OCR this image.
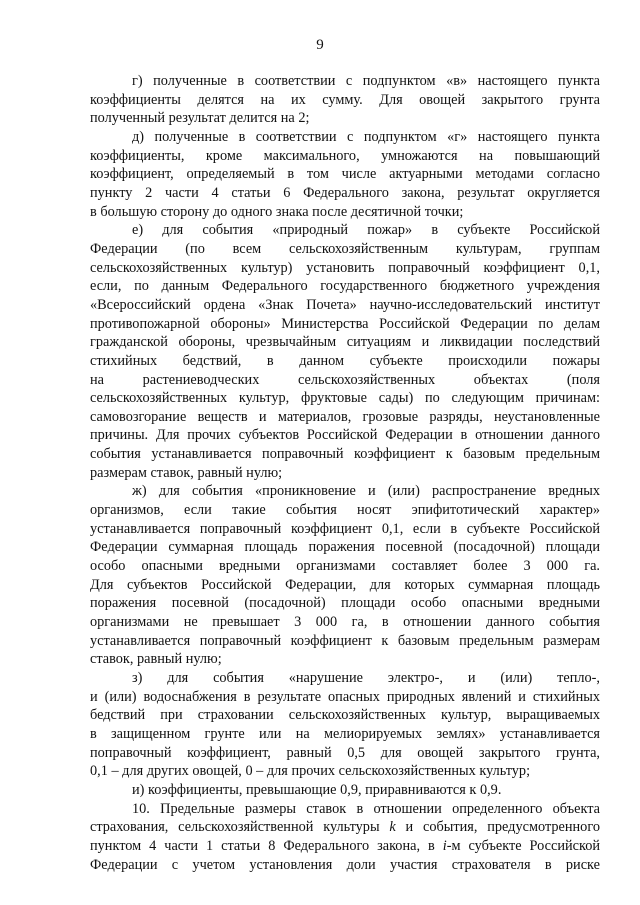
9
г) полученные в соответствии с подпунктом «в» настоящего пункта
коэффициенты делятся на их сумму. Для овощей закрытого грунта
полученный результат делится на 2;
д) полученные в соответствии с подпунктом «г» настоящего пункта
коэффициенты, кроме максимального, умножаются на повышающий
коэффициент, определяемый в том числе актуарными методами согласно
пункту 2 части 4 статьи 6 Федерального закона, результат округляется
в большую сторону до одного знака после десятичной точки;
е) для события «природный пожар» в субъекте Российской
Федерации (по всем сельскохозяйственным культурам, группам
сельскохозяйственных культур) установить поправочный коэффициент 0,1,
если, по данным Федерального государственного бюджетного учреждения
«Всероссийский ордена «Знак Почета» научно-исследовательский институт
противопожарной обороны» Министерства Российской Федерации по делам
гражданской обороны, чрезвычайным ситуациям и ликвидации последствий
стихийных бедствий, в данном субъекте происходили пожары
на растениеводческих сельскохозяйственных объектах (поля
сельскохозяйственных культур, фруктовые сады) по следующим причинам:
самовозгорание веществ и материалов, грозовые разряды, неустановленные
причины. Для прочих субъектов Российской Федерации в отношении данного
события устанавливается поправочный коэффициент к базовым предельным
размерам ставок, равный нулю;
ж) для события «проникновение и (или) распространение вредных
организмов, если такие события носят эпифитотический характер»
устанавливается поправочный коэффициент 0,1, если в субъекте Российской
Федерации суммарная площадь поражения посевной (посадочной) площади
особо опасными вредными организмами составляет более 3 000 га.
Для субъектов Российской Федерации, для которых суммарная площадь
поражения посевной (посадочной) площади особо опасными вредными
организмами не превышает 3 000 га, в отношении данного события
устанавливается поправочный коэффициент к базовым предельным размерам
ставок, равный нулю;
з) для события «нарушение электро-, и (или) тепло-,
и (или) водоснабжения в результате опасных природных явлений и стихийных
бедствий при страховании сельскохозяйственных культур, выращиваемых
в защищенном грунте или на мелиорируемых землях» устанавливается
поправочный коэффициент, равный 0,5 для овощей закрытого грунта,
0,1 – для других овощей, 0 – для прочих сельскохозяйственных культур;
и) коэффициенты, превышающие 0,9, приравниваются к 0,9.
10. Предельные размеры ставок в отношении определенного объекта
страхования, сельскохозяйственной культуры k и события, предусмотренного
пунктом 4 части 1 статьи 8 Федерального закона, в i-м субъекте Российской
Федерации с учетом установления доли участия страхователя в риске
